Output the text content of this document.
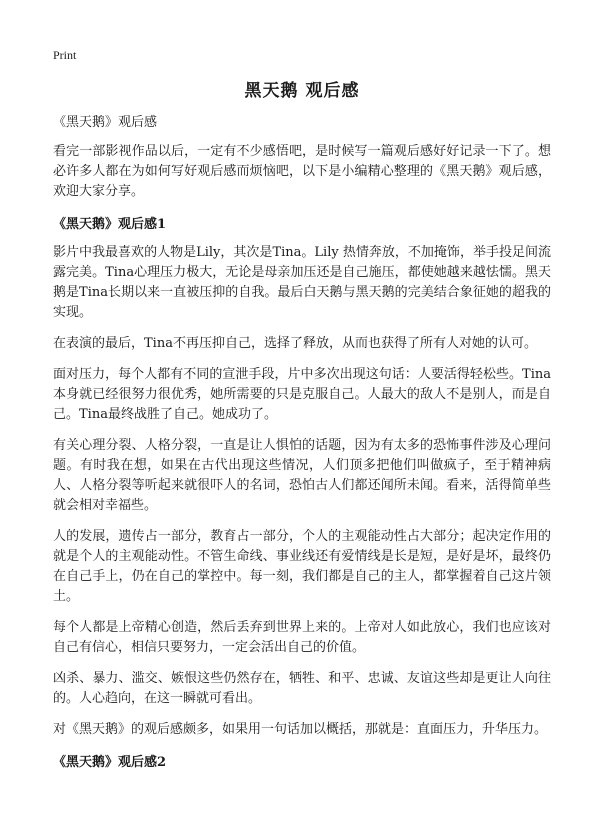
Print
黑天鹅 观后感
《黑天鹅》观后感

看完一部影视作品以后，一定有不少感悟吧，是时候写一篇观后感好好记录一下了。想必许多人都在为如何写好观后感而烦恼吧，以下是小编精心整理的《黑天鹅》观后感，欢迎大家分享。

《黑天鹅》观后感1

影片中我最喜欢的人物是Lily，其次是Tina。Lily 热情奔放，不加掩饰，举手投足间流露完美。Tina心理压力极大，无论是母亲加压还是自己施压，都使她越来越怯懦。黑天鹅是Tina长期以来一直被压抑的自我。最后白天鹅与黑天鹅的完美结合象征她的超我的实现。

在表演的最后，Tina不再压抑自己，选择了释放，从而也获得了所有人对她的认可。

面对压力，每个人都有不同的宣泄手段，片中多次出现这句话：人要活得轻松些。Tina本身就已经很努力很优秀，她所需要的只是克服自己。人最大的敌人不是别人，而是自己。Tina最终战胜了自己。她成功了。

有关心理分裂、人格分裂，一直是让人惧怕的话题，因为有太多的恐怖事件涉及心理问题。有时我在想，如果在古代出现这些情况，人们顶多把他们叫做疯子，至于精神病人、人格分裂等听起来就很吓人的名词，恐怕古人们都还闻所未闻。看来，活得简单些就会相对幸福些。

人的发展，遗传占一部分，教育占一部分，个人的主观能动性占大部分；起决定作用的就是个人的主观能动性。不管生命线、事业线还有爱情线是长是短，是好是坏，最终仍在自己手上，仍在自己的掌控中。每一刻，我们都是自己的主人，都掌握着自己这片领土。

每个人都是上帝精心创造，然后丢弃到世界上来的。上帝对人如此放心，我们也应该对自己有信心，相信只要努力，一定会活出自己的价值。

凶杀、暴力、滥交、嫉恨这些仍然存在，牺牲、和平、忠诚、友谊这些却是更让人向往的。人心趋向，在这一瞬就可看出。

对《黑天鹅》的观后感颇多，如果用一句话加以概括，那就是：直面压力，升华压力。

《黑天鹅》观后感2
